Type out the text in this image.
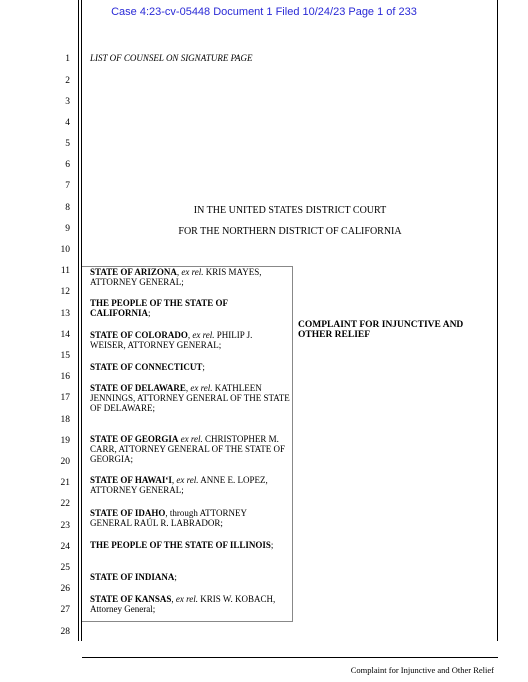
Case 4:23-cv-05448 Document 1 Filed 10/24/23 Page 1 of 233
1
2
3
4
5
6
7
8
9
10
11
12
13
14
15
16
17
18
19
20
21
22
23
24
25
26
27
28
LIST OF COUNSEL ON SIGNATURE PAGE
IN THE UNITED STATES DISTRICT COURT
FOR THE NORTHERN DISTRICT OF CALIFORNIA
STATE OF ARIZONA, ex rel. KRIS MAYES, ATTORNEY GENERAL;
THE PEOPLE OF THE STATE OF CALIFORNIA;
STATE OF COLORADO, ex rel. PHILIP J. WEISER, ATTORNEY GENERAL;
STATE OF CONNECTICUT;
STATE OF DELAWARE, ex rel. KATHLEEN JENNINGS, ATTORNEY GENERAL OF THE STATE OF DELAWARE;
STATE OF GEORGIA ex rel. CHRISTOPHER M. CARR, ATTORNEY GENERAL OF THE STATE OF GEORGIA;
STATE OF HAWAI‘I, ex rel. ANNE E. LOPEZ, ATTORNEY GENERAL;
STATE OF IDAHO, through ATTORNEY GENERAL RAÚL R. LABRADOR;
THE PEOPLE OF THE STATE OF ILLINOIS;
STATE OF INDIANA;
STATE OF KANSAS, ex rel. KRIS W. KOBACH, Attorney General;
COMPLAINT FOR INJUNCTIVE AND OTHER RELIEF
Complaint for Injunctive and Other Relief
